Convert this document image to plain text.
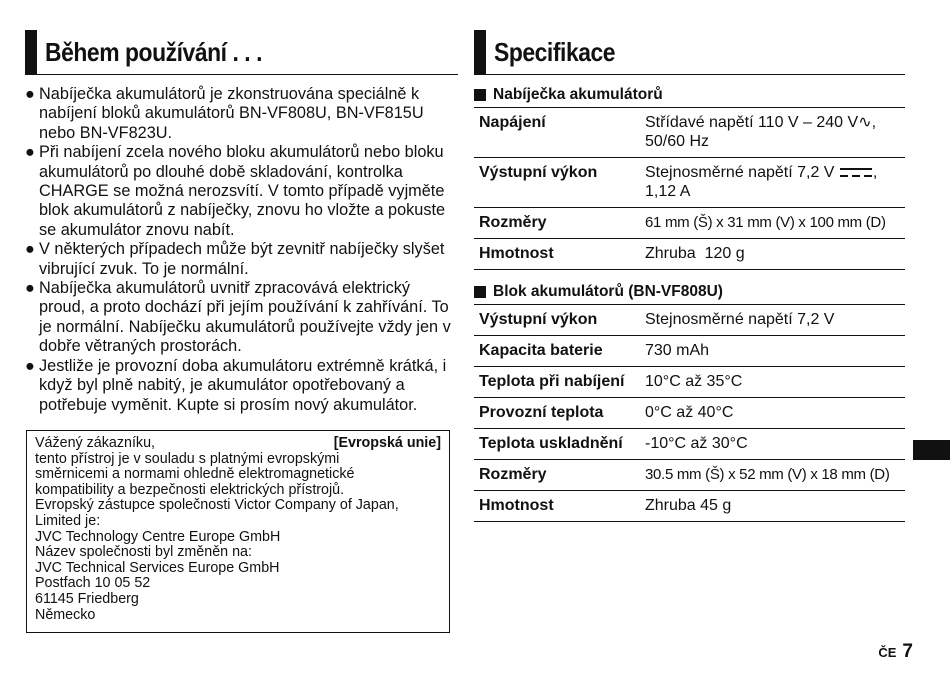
Během používání . . .
● Nabíječka akumulátorů je zkonstruována speciálně k nabíjení bloků akumulátorů BN-VF808U, BN-VF815U nebo BN-VF823U.
● Při nabíjení zcela nového bloku akumulátorů nebo bloku akumulátorů po dlouhé době skladování, kontrolka CHARGE se možná nerozsvítí. V tomto případě vyjměte blok akumulátorů z nabíječky, znovu ho vložte a pokuste se akumulátor znovu nabít.
● V některých případech může být zevnitř nabíječky slyšet vibrující zvuk. To je normální.
● Nabíječka akumulátorů uvnitř zpracovává elektrický proud, a proto dochází při jejím používání k zahřívání. To je normální. Nabíječku akumulátorů používejte vždy jen v dobře větraných prostorách.
● Jestliže je provozní doba akumulátoru extrémně krátká, i když byl plně nabitý, je akumulátor opotřebovaný a potřebuje vyměnit. Kupte si prosím nový akumulátor.
Vážený zákazníku,	[Evropská unie]
tento přístroj je v souladu s platnými evropskými
směrnicemi a normami ohledně elektromagnetické
kompatibility a bezpečnosti elektrických přístrojů.
Evropský zástupce společnosti Victor Company of Japan,
Limited je:
JVC Technology Centre Europe GmbH
Název společnosti byl změněn na:
JVC Technical Services Europe GmbH
Postfach 10 05 52
61145 Friedberg
Německo
Specifikace
Nabíječka akumulátorů
Napájení	Střídavé napětí 110 V – 240 V∿,
50/60 Hz
Výstupní výkon	Stejnosměrné napětí 7,2 V ,
1,12 A
Rozměry	61 mm (Š) x 31 mm (V) x 100 mm (D)
Hmotnost	Zhruba  120 g
Blok akumulátorů (BN-VF808U)
Výstupní výkon	Stejnosměrné napětí 7,2 V
Kapacita baterie	730 mAh
Teplota při nabíjení	10°C až 35°C
Provozní teplota	0°C až 40°C
Teplota uskladnění	-10°C až 30°C
Rozměry	30.5 mm (Š) x 52 mm (V) x 18 mm (D)
Hmotnost	Zhruba 45 g
ČE 7
